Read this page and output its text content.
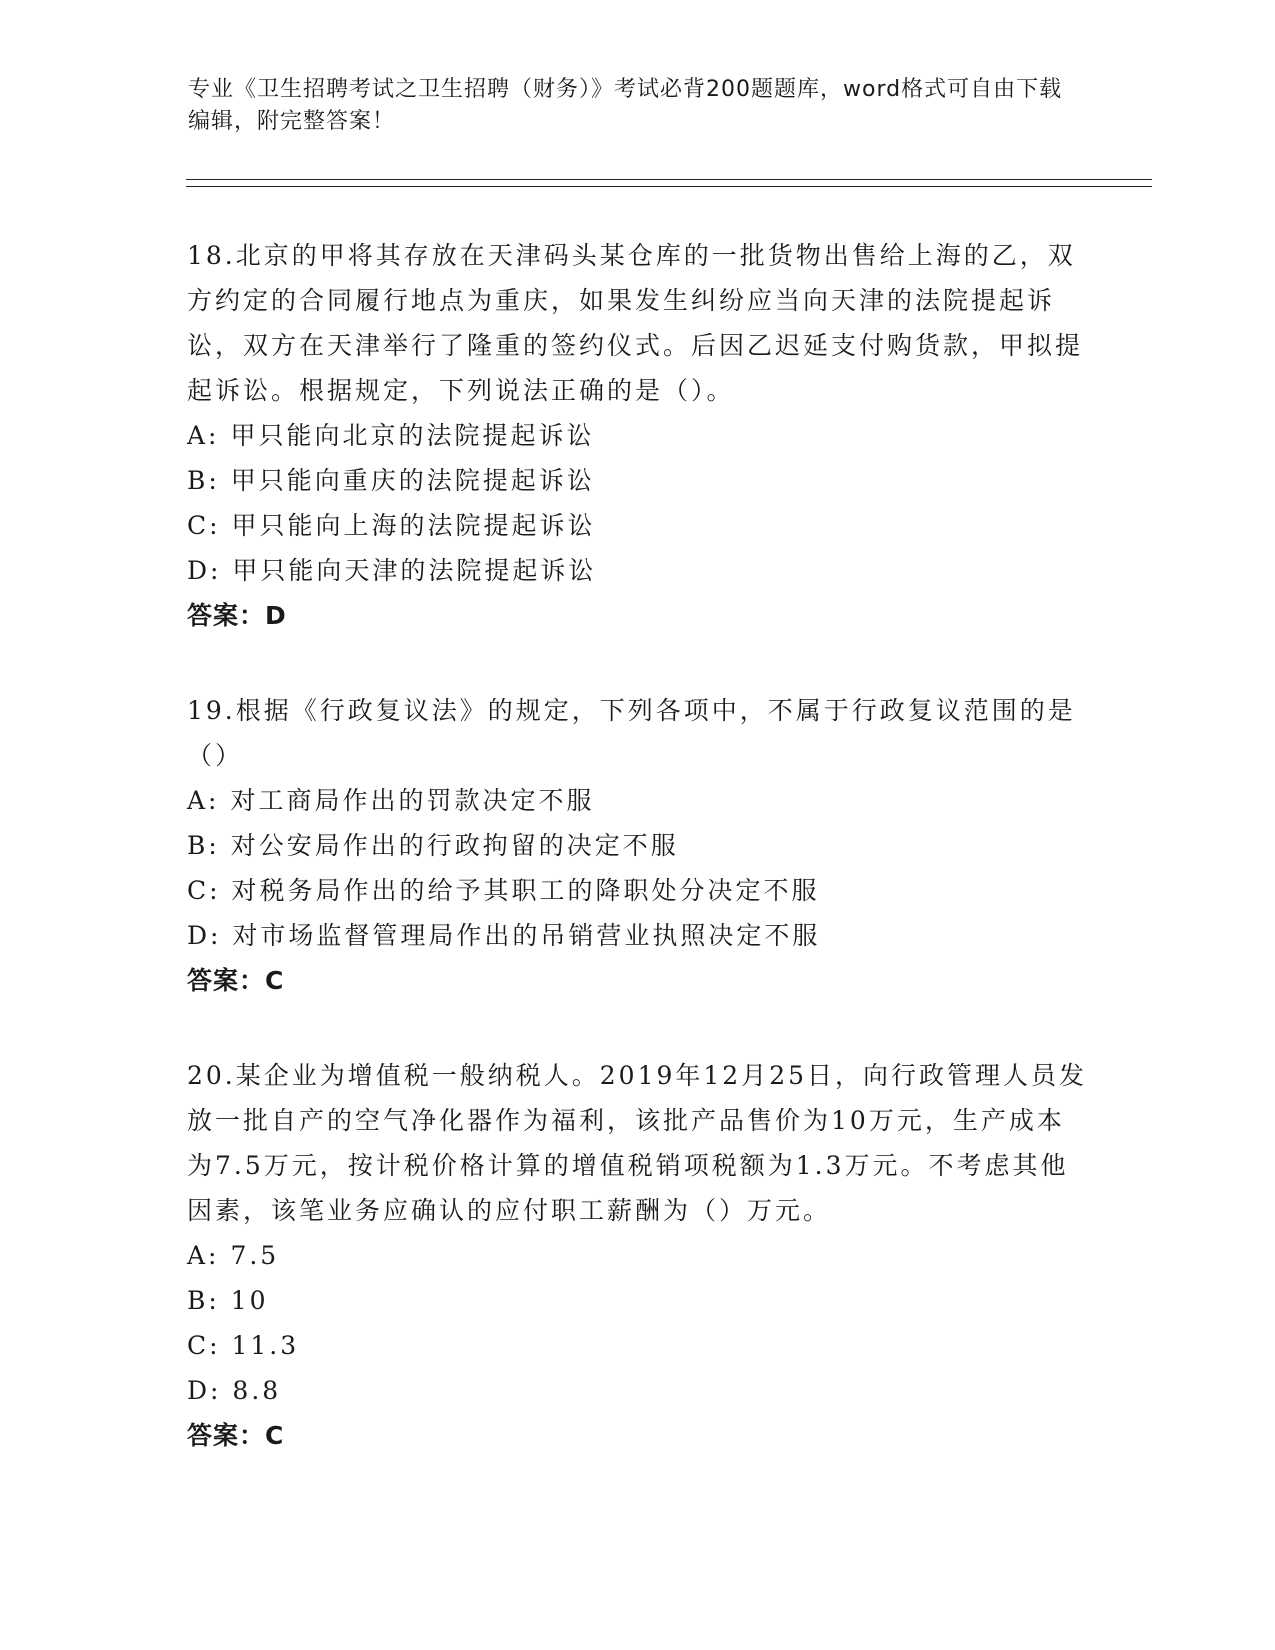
专业《卫生招聘考试之卫生招聘（财务）》考试必背200题题库，word格式可自由下载编辑，附完整答案！

18.北京的甲将其存放在天津码头某仓库的一批货物出售给上海的乙，双方约定的合同履行地点为重庆，如果发生纠纷应当向天津的法院提起诉讼，双方在天津举行了隆重的签约仪式。后因乙迟延支付购货款，甲拟提起诉讼。根据规定，下列说法正确的是（）。

A: 甲只能向北京的法院提起诉讼

B: 甲只能向重庆的法院提起诉讼

C: 甲只能向上海的法院提起诉讼

D: 甲只能向天津的法院提起诉讼

答案：D

19.根据《行政复议法》的规定，下列各项中，不属于行政复议范围的是（）

A: 对工商局作出的罚款决定不服

B: 对公安局作出的行政拘留的决定不服

C: 对税务局作出的给予其职工的降职处分决定不服

D: 对市场监督管理局作出的吊销营业执照决定不服

答案：C

20.某企业为增值税一般纳税人。2019年12月25日，向行政管理人员发放一批自产的空气净化器作为福利，该批产品售价为10万元，生产成本为7.5万元，按计税价格计算的增值税销项税额为1.3万元。不考虑其他因素，该笔业务应确认的应付职工薪酬为（）万元。

A: 7.5

B: 10

C: 11.3

D: 8.8

答案：C
